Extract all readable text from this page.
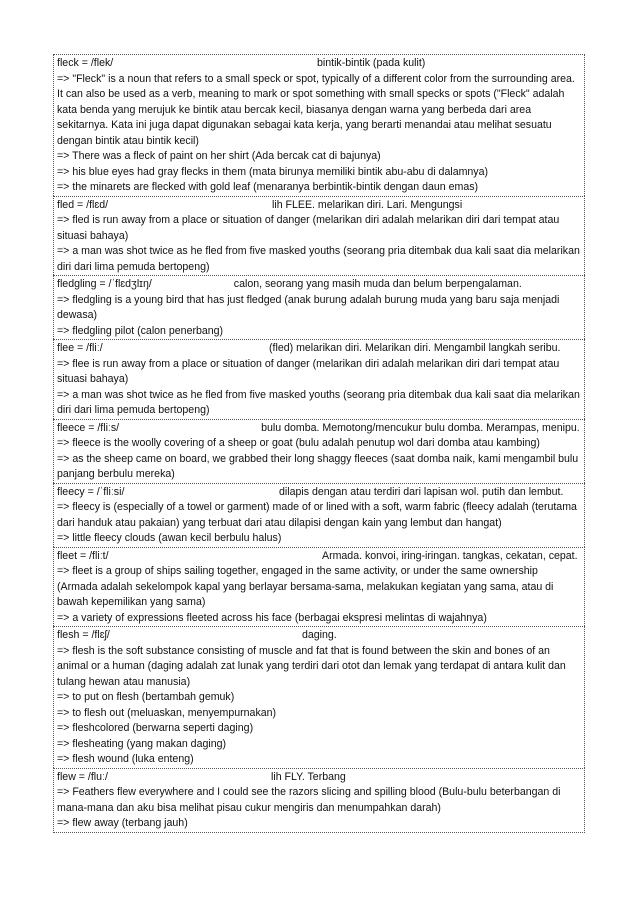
fleck = /flek/	bintik-bintik (pada kulit)
=> "Fleck" is a noun that refers to a small speck or spot, typically of a different color from the surrounding area. It can also be used as a verb, meaning to mark or spot something with small specks or spots ("Fleck" adalah kata benda yang merujuk ke bintik atau bercak kecil, biasanya dengan warna yang berbeda dari area sekitarnya. Kata ini juga dapat digunakan sebagai kata kerja, yang berarti menandai atau melihat sesuatu dengan bintik atau bintik kecil)
=> There was a fleck of paint on her shirt (Ada bercak cat di bajunya)
=> his blue eyes had gray flecks in them (mata birunya memiliki bintik abu-abu di dalamnya)
=> the minarets are flecked with gold leaf (menaranya berbintik-bintik dengan daun emas)
fled = /flɛd/	lih FLEE. melarikan diri. Lari. Mengungsi
=> fled is run away from a place or situation of danger (melarikan diri adalah melarikan diri dari tempat atau situasi bahaya)
=> a man was shot twice as he fled from five masked youths (seorang pria ditembak dua kali saat dia melarikan diri dari lima pemuda bertopeng)
fledgling = /ˈflɛdʒlɪŋ/	calon, seorang yang masih muda dan belum berpengalaman.
=> fledgling is a young bird that has just fledged (anak burung adalah burung muda yang baru saja menjadi dewasa)
=> fledgling pilot (calon penerbang)
flee = /fliː/	(fled) melarikan diri. Melarikan diri. Mengambil langkah seribu.
=> flee is run away from a place or situation of danger (melarikan diri adalah melarikan diri dari tempat atau situasi bahaya)
=> a man was shot twice as he fled from five masked youths (seorang pria ditembak dua kali saat dia melarikan diri dari lima pemuda bertopeng)
fleece = /fliːs/	bulu domba. Memotong/mencukur bulu domba. Merampas, menipu.
=> fleece is the woolly covering of a sheep or goat (bulu adalah penutup wol dari domba atau kambing)
=> as the sheep came on board, we grabbed their long shaggy fleeces (saat domba naik, kami mengambil bulu panjang berbulu mereka)
fleecy = /ˈfliːsi/	dilapis dengan atau terdiri dari lapisan wol. putih dan lembut.
=> fleecy is (especially of a towel or garment) made of or lined with a soft, warm fabric (fleecy adalah (terutama dari handuk atau pakaian) yang terbuat dari atau dilapisi dengan kain yang lembut dan hangat)
=> little fleecy clouds (awan kecil berbulu halus)
fleet = /fliːt/	Armada. konvoi, iring-iringan. tangkas, cekatan, cepat.
=> fleet is a group of ships sailing together, engaged in the same activity, or under the same ownership (Armada adalah sekelompok kapal yang berlayar bersama-sama, melakukan kegiatan yang sama, atau di bawah kepemilikan yang sama)
=> a variety of expressions fleeted across his face (berbagai ekspresi melintas di wajahnya)
flesh = /flɛʃ/	daging.
=> flesh is the soft substance consisting of muscle and fat that is found between the skin and bones of an animal or a human (daging adalah zat lunak yang terdiri dari otot dan lemak yang terdapat di antara kulit dan tulang hewan atau manusia)
=> to put on flesh (bertambah gemuk)
=> to flesh out (meluaskan, menyempurnakan)
=> fleshcolored (berwarna seperti daging)
=> flesheating (yang makan daging)
=> flesh wound (luka enteng)
flew = /fluː/	lih FLY. Terbang
=> Feathers flew everywhere and I could see the razors slicing and spilling blood (Bulu-bulu beterbangan di mana-mana dan aku bisa melihat pisau cukur mengiris dan menumpahkan darah)
=> flew away (terbang jauh)
